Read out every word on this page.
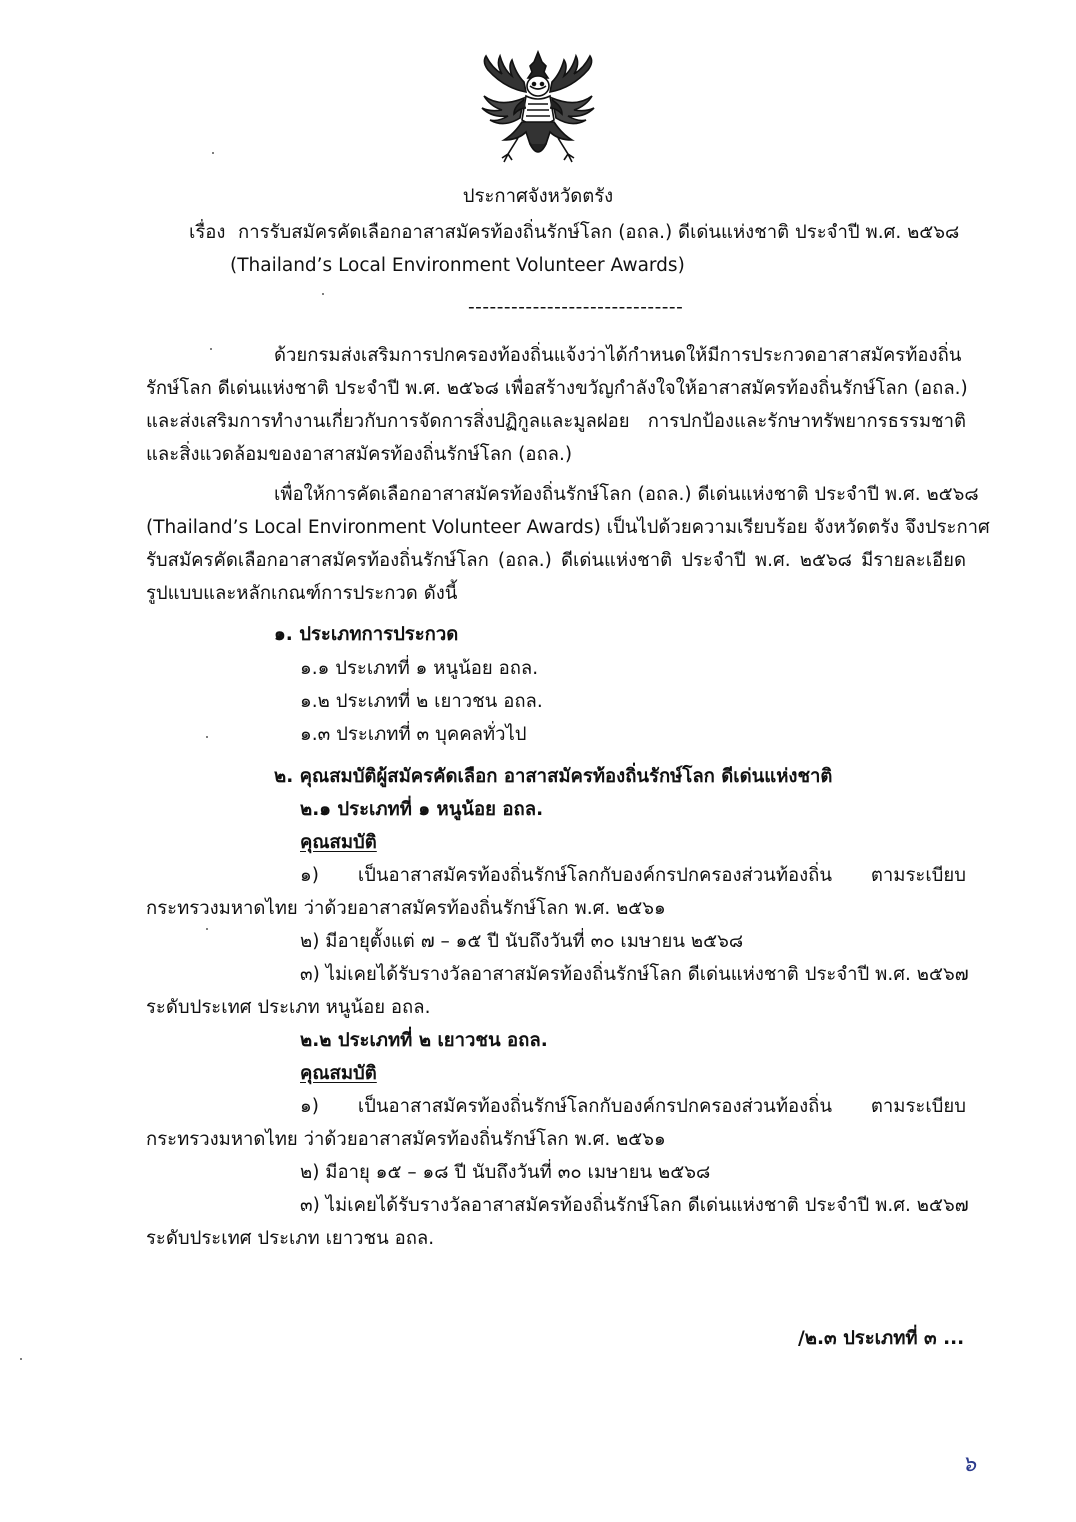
ประกาศจังหวัดตรัง
เรื่อง การรับสมัครคัดเลือกอาสาสมัครท้องถิ่นรักษ์โลก (อถล.) ดีเด่นแห่งชาติ ประจำปี พ.ศ. ๒๕๖๘
(Thailand’s Local Environment Volunteer Awards)
------------------------------
ด้วยกรมส่งเสริมการปกครองท้องถิ่นแจ้งว่าได้กำหนดให้มีการประกวดอาสาสมัครท้องถิ่น
รักษ์โลก ดีเด่นแห่งชาติ ประจำปี พ.ศ. ๒๕๖๘ เพื่อสร้างขวัญกำลังใจให้อาสาสมัครท้องถิ่นรักษ์โลก (อถล.)
และส่งเสริมการทำงานเกี่ยวกับการจัดการสิ่งปฏิกูลและมูลฝอย การปกป้องและรักษาทรัพยากรธรรมชาติ
และสิ่งแวดล้อมของอาสาสมัครท้องถิ่นรักษ์โลก (อถล.)
เพื่อให้การคัดเลือกอาสาสมัครท้องถิ่นรักษ์โลก (อถล.) ดีเด่นแห่งชาติ ประจำปี พ.ศ. ๒๕๖๘
(Thailand’s Local Environment Volunteer Awards) เป็นไปด้วยความเรียบร้อย จังหวัดตรัง จึงประกาศ
รับสมัครคัดเลือกอาสาสมัครท้องถิ่นรักษ์โลก (อถล.) ดีเด่นแห่งชาติ ประจำปี พ.ศ. ๒๕๖๘ มีรายละเอียด
รูปแบบและหลักเกณฑ์การประกวด ดังนี้
๑. ประเภทการประกวด
๑.๑ ประเภทที่ ๑ หนูน้อย อถล.
๑.๒ ประเภทที่ ๒ เยาวชน อถล.
๑.๓ ประเภทที่ ๓ บุคคลทั่วไป
๒. คุณสมบัติผู้สมัครคัดเลือก อาสาสมัครท้องถิ่นรักษ์โลก ดีเด่นแห่งชาติ
๒.๑ ประเภทที่ ๑ หนูน้อย อถล.
คุณสมบัติ
๑) เป็นอาสาสมัครท้องถิ่นรักษ์โลกกับองค์กรปกครองส่วนท้องถิ่น ตามระเบียบ
กระทรวงมหาดไทย ว่าด้วยอาสาสมัครท้องถิ่นรักษ์โลก พ.ศ. ๒๕๖๑
๒) มีอายุตั้งแต่ ๗ – ๑๕ ปี นับถึงวันที่ ๓๐ เมษายน ๒๕๖๘
๓) ไม่เคยได้รับรางวัลอาสาสมัครท้องถิ่นรักษ์โลก ดีเด่นแห่งชาติ ประจำปี พ.ศ. ๒๕๖๗
ระดับประเทศ ประเภท หนูน้อย อถล.
๒.๒ ประเภทที่ ๒ เยาวชน อถล.
คุณสมบัติ
๑) เป็นอาสาสมัครท้องถิ่นรักษ์โลกกับองค์กรปกครองส่วนท้องถิ่น ตามระเบียบ
กระทรวงมหาดไทย ว่าด้วยอาสาสมัครท้องถิ่นรักษ์โลก พ.ศ. ๒๕๖๑
๒) มีอายุ ๑๕ – ๑๘ ปี นับถึงวันที่ ๓๐ เมษายน ๒๕๖๘
๓) ไม่เคยได้รับรางวัลอาสาสมัครท้องถิ่นรักษ์โลก ดีเด่นแห่งชาติ ประจำปี พ.ศ. ๒๕๖๗
ระดับประเทศ ประเภท เยาวชน อถล.
/๒.๓ ประเภทที่ ๓ ...
๖
